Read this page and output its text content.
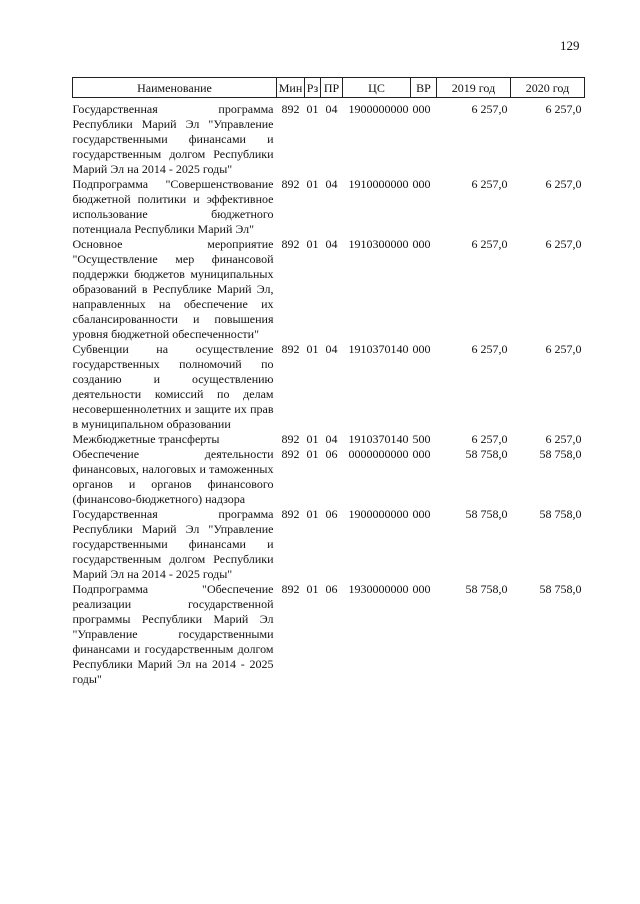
129
Наименование	Мин	Рз	ПР	ЦС	ВР	2019 год	2020 год
Государственная программа Республики Марий Эл "Управление государственными финансами и государственным долгом Республики Марий Эл на 2014 - 2025 годы"	892	01	04	1900000000	000	6 257,0	6 257,0
Подпрограмма "Совершенствование бюджетной политики и эффективное использование бюджетного потенциала Республики Марий Эл"	892	01	04	1910000000	000	6 257,0	6 257,0
Основное мероприятие "Осуществление мер финансовой поддержки бюджетов муниципальных образований в Республике Марий Эл, направленных на обеспечение их сбалансированности и повышения уровня бюджетной обеспеченности"	892	01	04	1910300000	000	6 257,0	6 257,0
Субвенции на осуществление государственных полномочий по созданию и осуществлению деятельности комиссий по делам несовершеннолетних и защите их прав в муниципальном образовании	892	01	04	1910370140	000	6 257,0	6 257,0
Межбюджетные трансферты	892	01	04	1910370140	500	6 257,0	6 257,0
Обеспечение деятельности финансовых, налоговых и таможенных органов и органов финансового (финансово-бюджетного) надзора	892	01	06	0000000000	000	58 758,0	58 758,0
Государственная программа Республики Марий Эл "Управление государственными финансами и государственным долгом Республики Марий Эл на 2014 - 2025 годы"	892	01	06	1900000000	000	58 758,0	58 758,0
Подпрограмма "Обеспечение реализации государственной программы Республики Марий Эл "Управление государственными финансами и государственным долгом Республики Марий Эл на 2014 - 2025 годы"	892	01	06	1930000000	000	58 758,0	58 758,0
